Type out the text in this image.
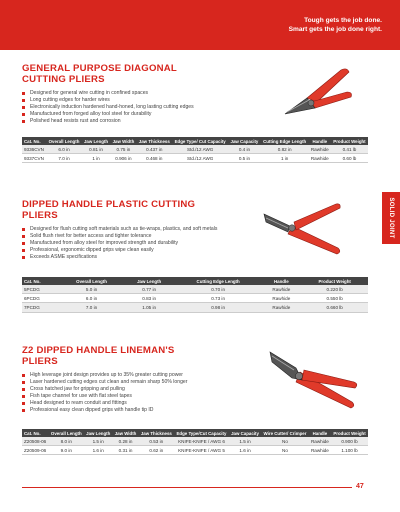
Tough gets the job done.
Smart gets the job done right.
SOLID JOINT
GENERAL PURPOSE DIAGONAL
CUTTING PLIERS
Designed for general wire cutting in confined spaces
Long cutting edges for harder wires
Electronically induction hardened hand-honed, long lasting cutting edges
Manufactured from forged alloy tool steel for durability
Polished head resists rust and corrosion
Cat. No.	Overall Length	Jaw Length	Jaw Width	Jaw Thickness	Edge Type/ Cut Capacity	Jaw Capacity	Cutting Edge Length	Handle	Product Weight
9336CVN	6.0 in	0.81 in	0.75 in	0.437 in	Std./12 AWG	0.4 in	0.82 in	Rawhide	0.41 lb
9337CVN	7.0 in	1 in	0.906 in	0.468 in	Std./12 AWG	0.5 in	1 in	Rawhide	0.60 lb
DIPPED HANDLE PLASTIC CUTTING
PLIERS
Designed for flush cutting soft materials such as tie-wraps, plastics, and soft metals
Solid flush rivet for better access and tighter tolerance
Manufactured from alloy steel for improved strength and durability
Professional, ergonomic dipped grips wipe clean easily
Exceeds ASME specifications
Cat. No.	Overall Length	Jaw Length	Cutting Edge Length	Handle	Product Weight
5PCDG	5.0 in	0.77 in	0.70 in	Rawhide	0.220 lb
6PCDG	6.0 in	0.83 in	0.73 in	Rawhide	0.550 lb
7PCDG	7.0 in	1.05 in	0.98 in	Rawhide	0.660 lb
Z2 DIPPED HANDLE LINEMAN'S
PLIERS
High leverage joint design provides up to 35% greater cutting power
Laser hardened cutting edges cut clean and remain sharp 50% longer
Cross hatched jaw for gripping and pulling
Fish tape channel for use with flat steel tapes
Head designed to ream conduit and fittings
Professional easy clean dipped grips with handle tip ID
Cat. No.	Overall Length	Jaw Length	Jaw Width	Jaw Thickness	Edge Type/Cut Capacity	Jaw Capacity	Wire Cutter/ Crimper	Handle	Product Weight
Z20508-06	8.0 in	1.5 in	0.28 in	0.53 in	KNIFE-KNIFE / AWG 6	1.5 in	No	Rawhide	0.900 lb
Z20509-06	9.0 in	1.6 in	0.31 in	0.62 in	KNIFE-KNIFE / AWG 5	1.6 in	No	Rawhide	1.100 lb
47
